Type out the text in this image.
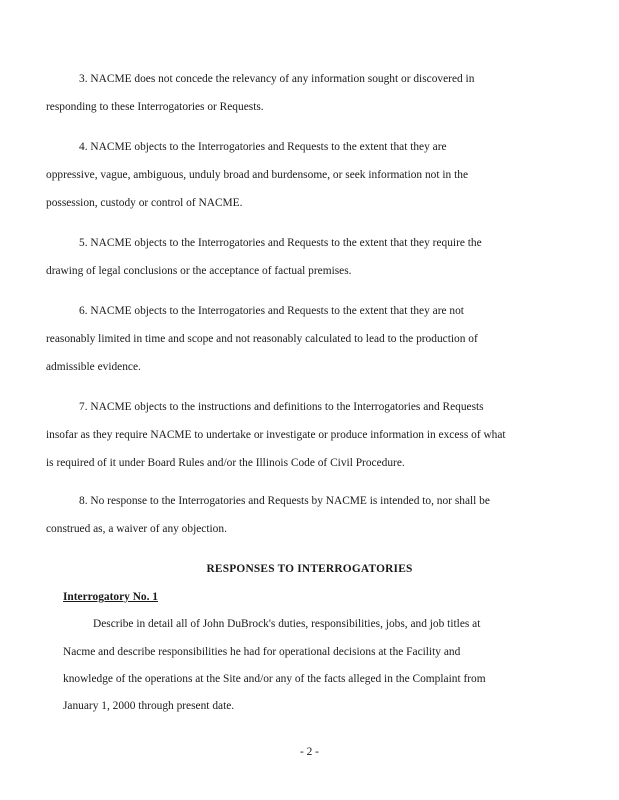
3. NACME does not concede the relevancy of any information sought or discovered in
responding to these Interrogatories or Requests.
4. NACME objects to the Interrogatories and Requests to the extent that they are
oppressive, vague, ambiguous, unduly broad and burdensome, or seek information not in the
possession, custody or control of NACME.
5. NACME objects to the Interrogatories and Requests to the extent that they require the
drawing of legal conclusions or the acceptance of factual premises.
6. NACME objects to the Interrogatories and Requests to the extent that they are not
reasonably limited in time and scope and not reasonably calculated to lead to the production of
admissible evidence.
7. NACME objects to the instructions and definitions to the Interrogatories and Requests
insofar as they require NACME to undertake or investigate or produce information in excess of what
is required of it under Board Rules and/or the Illinois Code of Civil Procedure.
8. No response to the Interrogatories and Requests by NACME is intended to, nor shall be
construed as, a waiver of any objection.
RESPONSES TO INTERROGATORIES
Interrogatory No. 1
Describe in detail all of John DuBrock's duties, responsibilities, jobs, and job titles at
Nacme and describe responsibilities he had for operational decisions at the Facility and
knowledge of the operations at the Site and/or any of the facts alleged in the Complaint from
January 1, 2000 through present date.
- 2 -
